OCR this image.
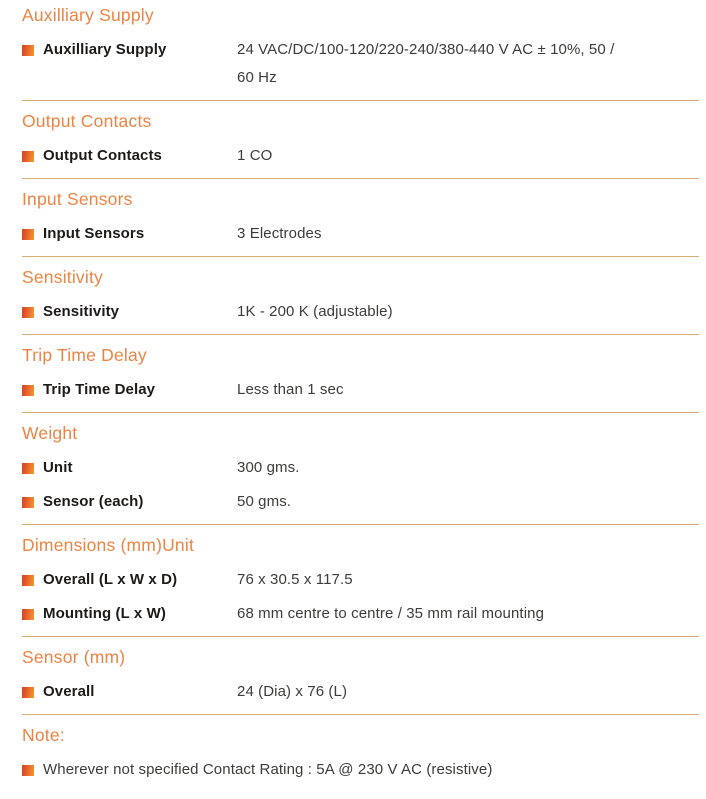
Auxilliary Supply
Auxilliary Supply	24 VAC/DC/100-120/220-240/380-440 V AC ± 10%, 50 / 60 Hz
Output Contacts
Output Contacts	1 CO
Input Sensors
Input Sensors	3 Electrodes
Sensitivity
Sensitivity	1K - 200 K (adjustable)
Trip Time Delay
Trip Time Delay	Less than 1 sec
Weight
Unit	300 gms.
Sensor (each)	50 gms.
Dimensions (mm)Unit
Overall (L x W x D)	76 x 30.5 x 117.5
Mounting (L x W)	68 mm centre to centre / 35 mm rail mounting
Sensor (mm)
Overall	24 (Dia) x 76 (L)
Note:
Wherever not specified Contact Rating : 5A @ 230 V AC (resistive)
